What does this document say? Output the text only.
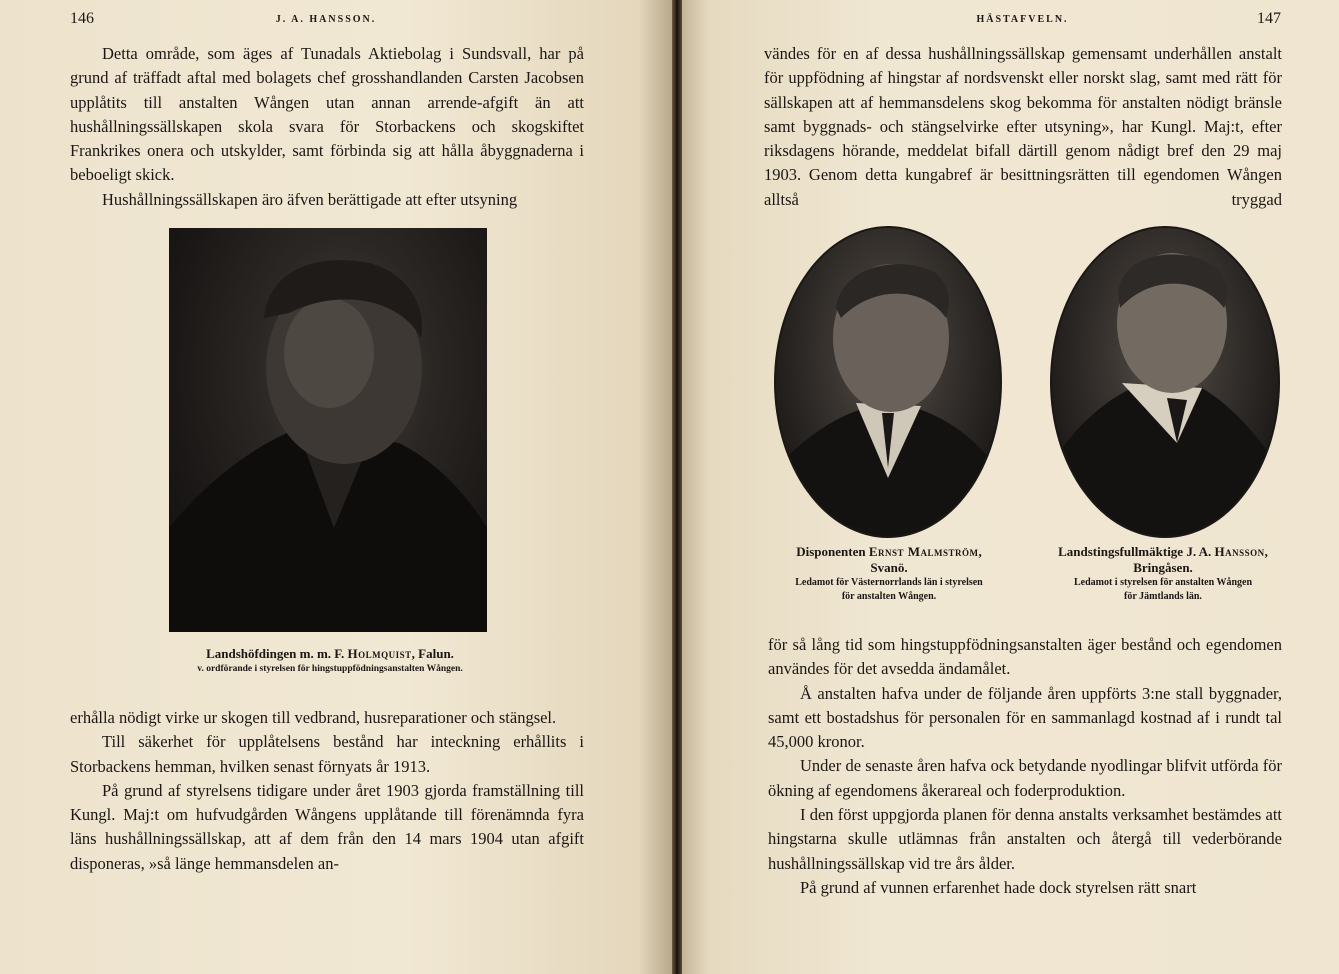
146	J. A. HANSSON.

Detta område, som äges af Tunadals Aktiebolag i Sundsvall, har på grund af träffadt aftal med bolagets chef grosshandlanden Carsten Jacobsen upplåtits till anstalten Wången utan annan arrende-afgift än att hushållningssällskapen skola svara för Storbackens och skogskiftet Frankrikes onera och utskylder, samt förbinda sig att hålla åbyggnaderna i beboeligt skick.

Hushållningssällskapen äro äfven berättigade att efter utsyning

Landshöfdingen m. m. F. Holmquist, Falun.
v. ordförande i styrelsen för hingstuppfödningsanstalten Wången.

erhålla nödigt virke ur skogen till vedbrand, husreparationer och stängsel.

Till säkerhet för upplåtelsens bestånd har inteckning erhållits i Storbackens hemman, hvilken senast förnyats år 1913.

På grund af styrelsens tidigare under året 1903 gjorda framställning till Kungl. Maj:t om hufvudgården Wångens upplåtande till förenämnda fyra läns hushållningssällskap, att af dem från den 14 mars 1904 utan afgift disponeras, »så länge hemmansdelen an-

HÄSTAFVELN.	147

vändes för en af dessa hushållningssällskap gemensamt underhållen anstalt för uppfödning af hingstar af nordsvenskt eller norskt slag, samt med rätt för sällskapen att af hemmansdelens skog bekomma för anstalten nödigt bränsle samt byggnads- och stängselvirke efter utsyning», har Kungl. Maj:t, efter riksdagens hörande, meddelat bifall därtill genom nådigt bref den 29 maj 1903. Genom detta kungabref är besittningsrätten till egendomen Wången alltså tryggad

Disponenten Ernst Malmström,
Svanö.
Ledamot för Västernorrlands län i styrelsen
för anstalten Wången.
Landstingsfullmäktige J. A. Hansson,
Bringåsen.
Ledamot i styrelsen för anstalten Wången
för Jämtlands län.

för så lång tid som hingstuppfödningsanstalten äger bestånd och egendomen användes för det avsedda ändamålet.

Å anstalten hafva under de följande åren uppförts 3:ne stall byggnader, samt ett bostadshus för personalen för en sammanlagd kostnad af i rundt tal 45,000 kronor.

Under de senaste åren hafva ock betydande nyodlingar blifvit utförda för ökning af egendomens åkerareal och foderproduktion.

I den först uppgjorda planen för denna anstalts verksamhet bestämdes att hingstarna skulle utlämnas från anstalten och återgå till vederbörande hushållningssällskap vid tre års ålder.

På grund af vunnen erfarenhet hade dock styrelsen rätt snart
